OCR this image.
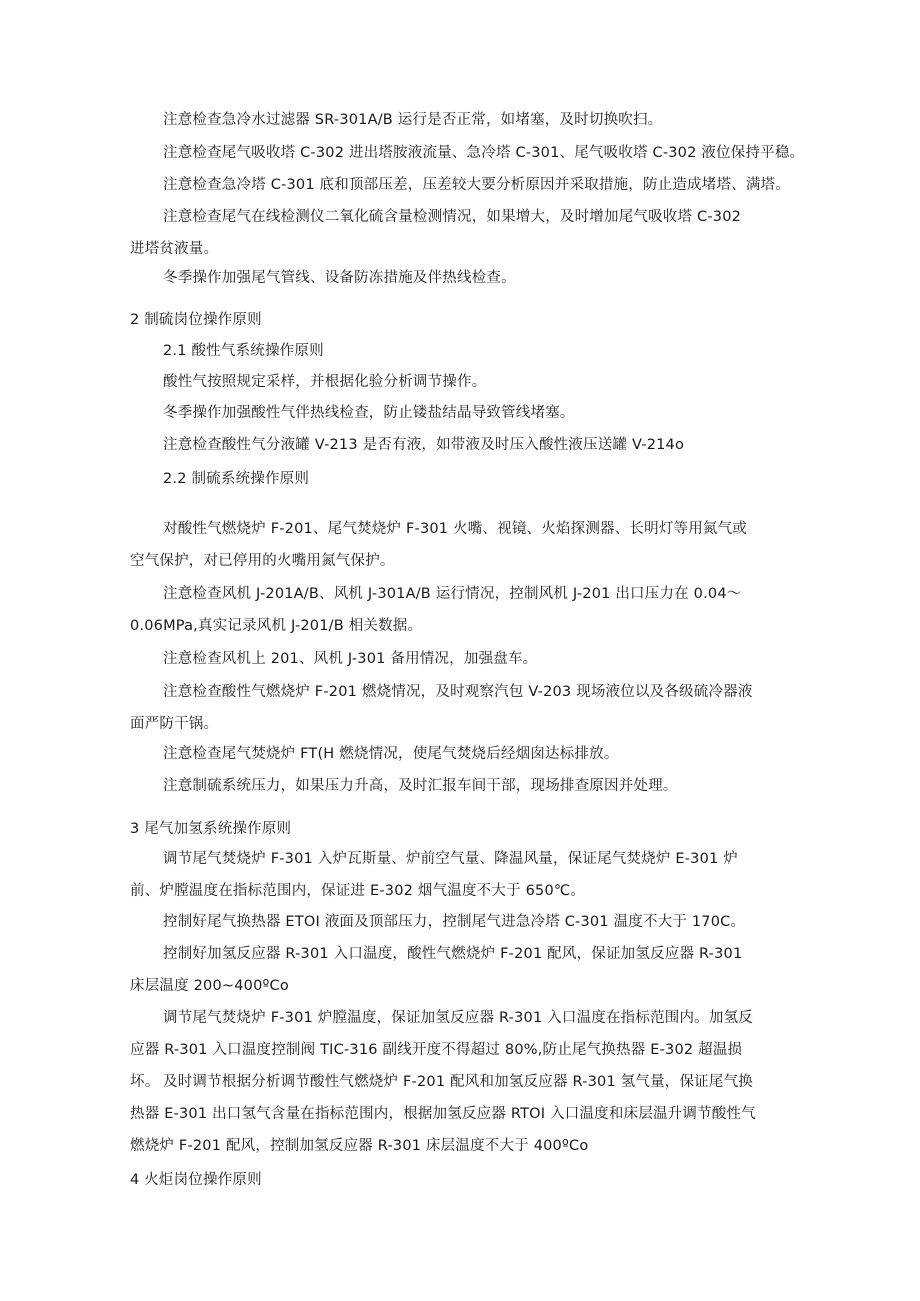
注意检查急冷水过滤器 SR-301A/B 运行是否正常，如堵塞，及时切换吹扫。

注意检查尾气吸收塔 C-302 进出塔胺液流量、急冷塔 C-301、尾气吸收塔 C-302 液位保持平稳。

注意检查急冷塔 C-301 底和顶部压差，压差较大要分析原因并采取措施，防止造成堵塔、满塔。

注意检查尾气在线检测仪二氧化硫含量检测情况，如果增大，及时增加尾气吸收塔 C-302 进塔贫液量。

冬季操作加强尾气管线、设备防冻措施及伴热线检查。

2 制硫岗位操作原则

2.1 酸性气系统操作原则

酸性气按照规定采样，并根据化验分析调节操作。

冬季操作加强酸性气伴热线检查，防止镂盐结晶导致管线堵塞。

注意检查酸性气分液罐 V-213 是否有液，如带液及时压入酸性液压送罐 V-214o

2.2 制硫系统操作原则

对酸性气燃烧炉 F-201、尾气焚烧炉 F-301 火嘴、视镜、火焰探测器、长明灯等用氮气或空气保护，对已停用的火嘴用氮气保护。

注意检查风机 J-201A/B、风机 J-301A/B 运行情况，控制风机 J-201 出口压力在 0.04～0.06MPa,真实记录风机 J-201/B 相关数据。

注意检查风机上 201、风机 J-301 备用情况，加强盘车。

注意检查酸性气燃烧炉 F-201 燃烧情况，及时观察汽包 V-203 现场液位以及各级硫冷器液面严防干锅。

注意检查尾气焚烧炉 FT(H 燃烧情况，使尾气焚烧后经烟囱达标排放。

注意制硫系统压力，如果压力升高，及时汇报车间干部，现场排查原因并处理。

3 尾气加氢系统操作原则

调节尾气焚烧炉 F-301 入炉瓦斯量、炉前空气量、降温风量，保证尾气焚烧炉 E-301 炉前、炉膛温度在指标范围内，保证进 E-302 烟气温度不大于 650℃。

控制好尾气换热器 ETOI 液面及顶部压力，控制尾气进急冷塔 C-301 温度不大于 170C。

控制好加氢反应器 R-301 入口温度，酸性气燃烧炉 F-201 配风，保证加氢反应器 R-301 床层温度 200~400ºCo

调节尾气焚烧炉 F-301 炉膛温度，保证加氢反应器 R-301 入口温度在指标范围内。加氢反应器 R-301 入口温度控制阀 TIC-316 副线开度不得超过 80%,防止尾气换热器 E-302 超温损坏。 及时调节根据分析调节酸性气燃烧炉 F-201 配风和加氢反应器 R-301 氢气量，保证尾气换热器 E-301 出口氢气含量在指标范围内，根据加氢反应器 RTOI 入口温度和床层温升调节酸性气燃烧炉 F-201 配风，控制加氢反应器 R-301 床层温度不大于 400ºCo

4 火炬岗位操作原则
